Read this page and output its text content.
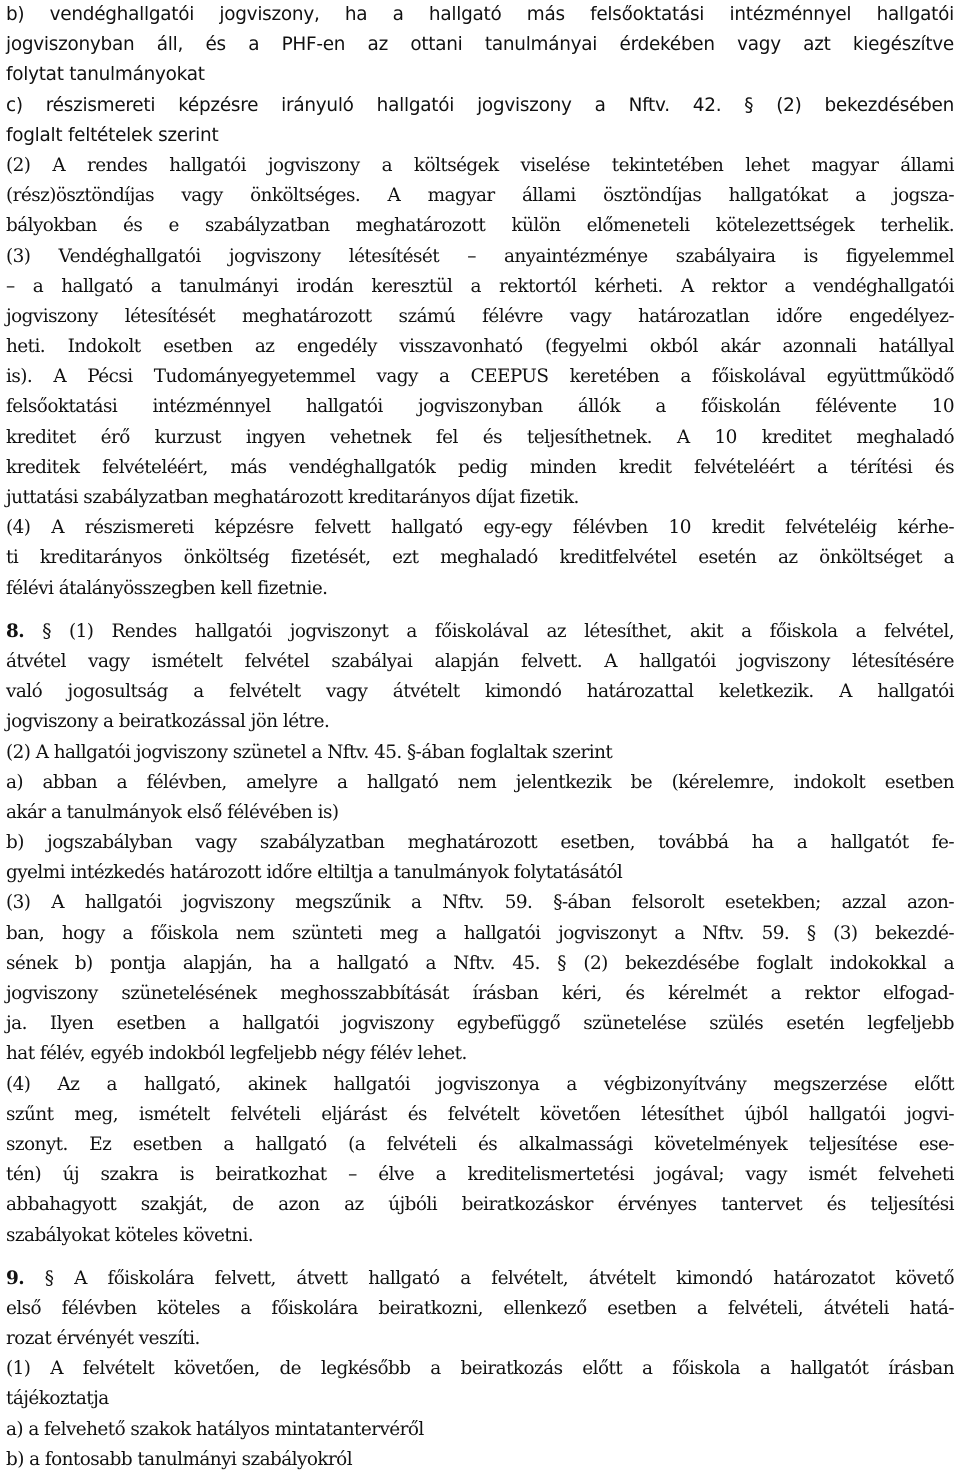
b) vendéghallgatói jogviszony, ha a hallgató más felsőoktatási intézménnyel hallgatói
jogviszonyban áll, és a PHF-en az ottani tanulmányai érdekében vagy azt kiegészítve
folytat tanulmányokat
c) részismereti képzésre irányuló hallgatói jogviszony a Nftv. 42. § (2) bekezdésében
foglalt feltételek szerint
(2) A rendes hallgatói jogviszony a költségek viselése tekintetében lehet magyar állami
(rész)ösztöndíjas vagy önköltséges. A magyar állami ösztöndíjas hallgatókat a jogsza-
bályokban és e szabályzatban meghatározott külön előmeneteli kötelezettségek terhelik.
(3) Vendéghallgatói jogviszony létesítését – anyaintézménye szabályaira is figyelemmel
– a hallgató a tanulmányi irodán keresztül a rektortól kérheti. A rektor a vendéghallgatói
jogviszony létesítését meghatározott számú félévre vagy határozatlan időre engedélyez-
heti. Indokolt esetben az engedély visszavonható (fegyelmi okból akár azonnali hatállyal
is). A Pécsi Tudományegyetemmel vagy a CEEPUS keretében a főiskolával együttműködő
felsőoktatási intézménnyel hallgatói jogviszonyban állók a főiskolán félévente 10
kreditet érő kurzust ingyen vehetnek fel és teljesíthetnek. A 10 kreditet meghaladó
kreditek felvételéért, más vendéghallgatók pedig minden kredit felvételéért a térítési és
juttatási szabályzatban meghatározott kreditarányos díjat fizetik.
(4) A részismereti képzésre felvett hallgató egy-egy félévben 10 kredit felvételéig kérhe-
ti kreditarányos önköltség fizetését, ezt meghaladó kreditfelvétel esetén az önköltséget a
félévi átalányösszegben kell fizetnie.
8. § (1) Rendes hallgatói jogviszonyt a főiskolával az létesíthet, akit a főiskola a felvétel,
átvétel vagy ismételt felvétel szabályai alapján felvett. A hallgatói jogviszony létesítésére
való jogosultság a felvételt vagy átvételt kimondó határozattal keletkezik. A hallgatói
jogviszony a beiratkozással jön létre.
(2) A hallgatói jogviszony szünetel a Nftv. 45. §-ában foglaltak szerint
a) abban a félévben, amelyre a hallgató nem jelentkezik be (kérelemre, indokolt esetben
akár a tanulmányok első félévében is)
b) jogszabályban vagy szabályzatban meghatározott esetben, továbbá ha a hallgatót fe-
gyelmi intézkedés határozott időre eltiltja a tanulmányok folytatásától
(3) A hallgatói jogviszony megszűnik a Nftv. 59. §-ában felsorolt esetekben; azzal azon-
ban, hogy a főiskola nem szünteti meg a hallgatói jogviszonyt a Nftv. 59. § (3) bekezdé-
sének b) pontja alapján, ha a hallgató a Nftv. 45. § (2) bekezdésébe foglalt indokokkal a
jogviszony szünetelésének meghosszabbítását írásban kéri, és kérelmét a rektor elfogad-
ja. Ilyen esetben a hallgatói jogviszony egybefüggő szünetelése szülés esetén legfeljebb
hat félév, egyéb indokból legfeljebb négy félév lehet.
(4) Az a hallgató, akinek hallgatói jogviszonya a végbizonyítvány megszerzése előtt
szűnt meg, ismételt felvételi eljárást és felvételt követően létesíthet újból hallgatói jogvi-
szonyt. Ez esetben a hallgató (a felvételi és alkalmassági követelmények teljesítése ese-
tén) új szakra is beiratkozhat – élve a kreditelismertetési jogával; vagy ismét felveheti
abbahagyott szakját, de azon az újbóli beiratkozáskor érvényes tantervet és teljesítési
szabályokat köteles követni.
9. § A főiskolára felvett, átvett hallgató a felvételt, átvételt kimondó határozatot követő
első félévben köteles a főiskolára beiratkozni, ellenkező esetben a felvételi, átvételi hatá-
rozat érvényét veszíti.
(1) A felvételt követően, de legkésőbb a beiratkozás előtt a főiskola a hallgatót írásban
tájékoztatja
a) a felvehető szakok hatályos mintatantervéről
b) a fontosabb tanulmányi szabályokról
